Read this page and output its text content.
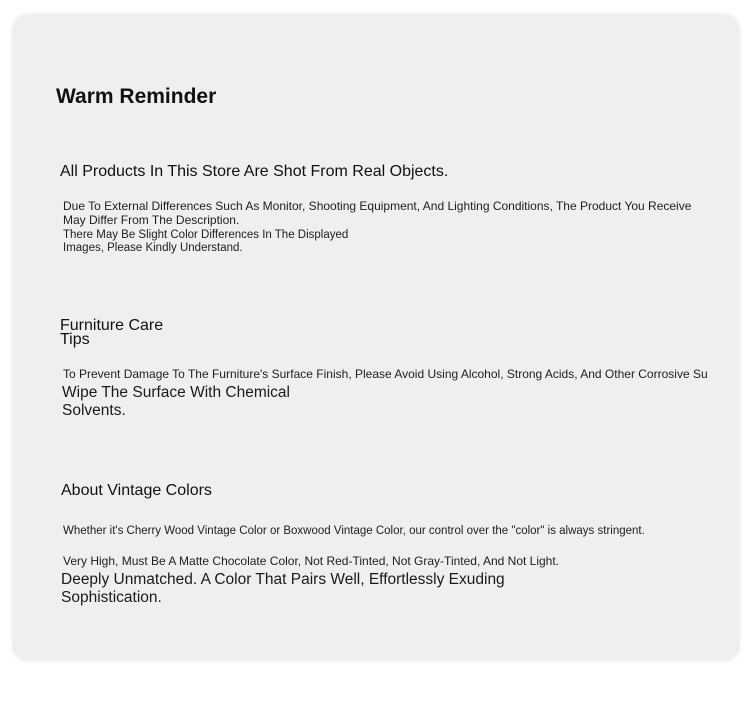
Warm Reminder
All Products In This Store Are Shot From Real Objects.
Due To External Differences Such As Monitor, Shooting Equipment, And Lighting Conditions, The Product You Receive
May Differ From The Description.
There May Be Slight Color Differences In The Displayed
Images, Please Kindly Understand.
Furniture Care
Tips
To Prevent Damage To The Furniture's Surface Finish, Please Avoid Using Alcohol, Strong Acids, And Other Corrosive Su
Wipe The Surface With Chemical
Solvents.
About Vintage Colors
Whether it's Cherry Wood Vintage Color or Boxwood Vintage Color, our control over the "color" is always stringent.
Very High, Must Be A Matte Chocolate Color, Not Red-Tinted, Not Gray-Tinted, And Not Light.
Deeply Unmatched. A Color That Pairs Well, Effortlessly Exuding
Sophistication.
